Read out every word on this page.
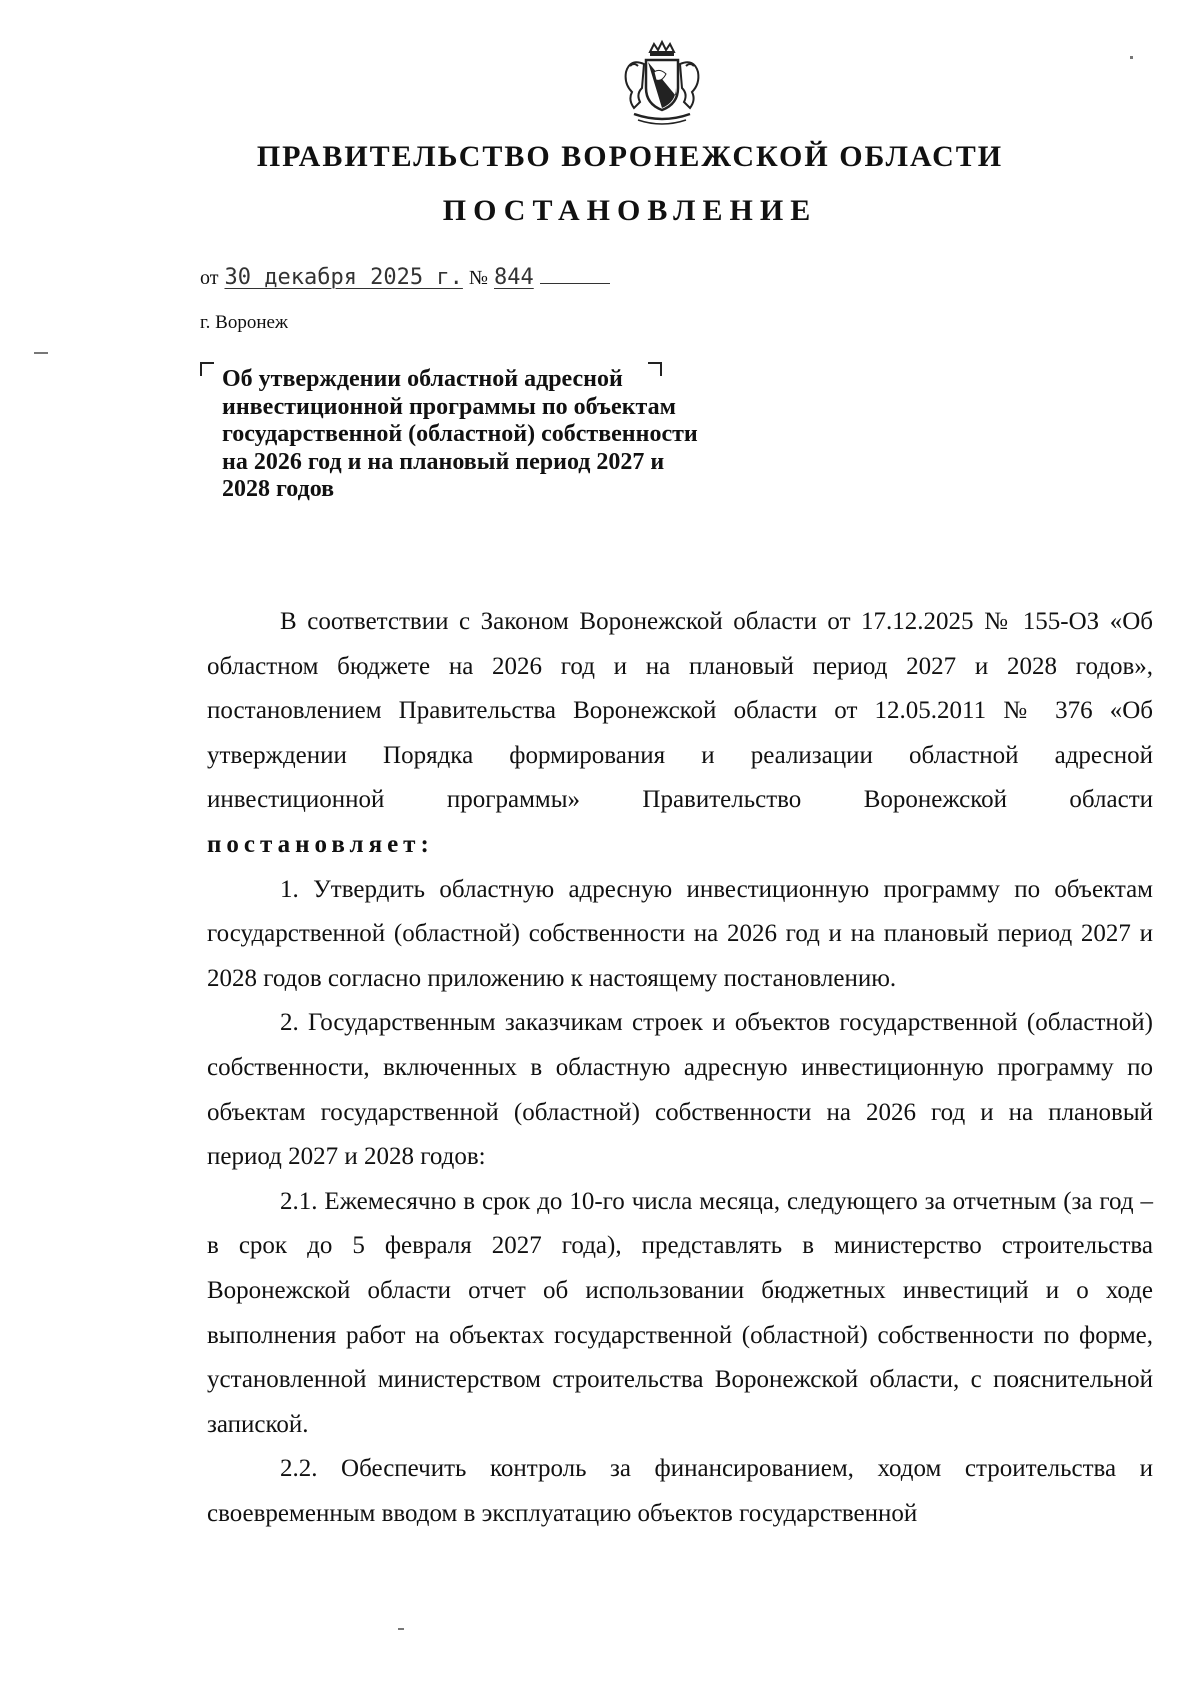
ПРАВИТЕЛЬСТВО ВОРОНЕЖСКОЙ ОБЛАСТИ
ПОСТАНОВЛЕНИЕ
от 30 декабря 2025 г. № 844
г. Воронеж
Об утверждении областной адресной инвестиционной программы по объектам государственной (областной) собственности на 2026 год и на плановый период 2027 и 2028 годов

В соответствии с Законом Воронежской области от 17.12.2025 № 155-ОЗ «Об областном бюджете на 2026 год и на плановый период 2027 и 2028 годов», постановлением Правительства Воронежской области от 12.05.2011 № 376 «Об утверждении Порядка формирования и реализации областной адресной инвестиционной программы» Правительство Воронежской области постановляет:

1. Утвердить областную адресную инвестиционную программу по объектам государственной (областной) собственности на 2026 год и на плановый период 2027 и 2028 годов согласно приложению к настоящему постановлению.

2. Государственным заказчикам строек и объектов государственной (областной) собственности, включенных в областную адресную инвестиционную программу по объектам государственной (областной) собственности на 2026 год и на плановый период 2027 и 2028 годов:

2.1. Ежемесячно в срок до 10-го числа месяца, следующего за отчетным (за год – в срок до 5 февраля 2027 года), представлять в министерство строительства Воронежской области отчет об использовании бюджетных инвестиций и о ходе выполнения работ на объектах государственной (областной) собственности по форме, установленной министерством строительства Воронежской области, с пояснительной запиской.

2.2. Обеспечить контроль за финансированием, ходом строительства и своевременным вводом в эксплуатацию объектов государственной
